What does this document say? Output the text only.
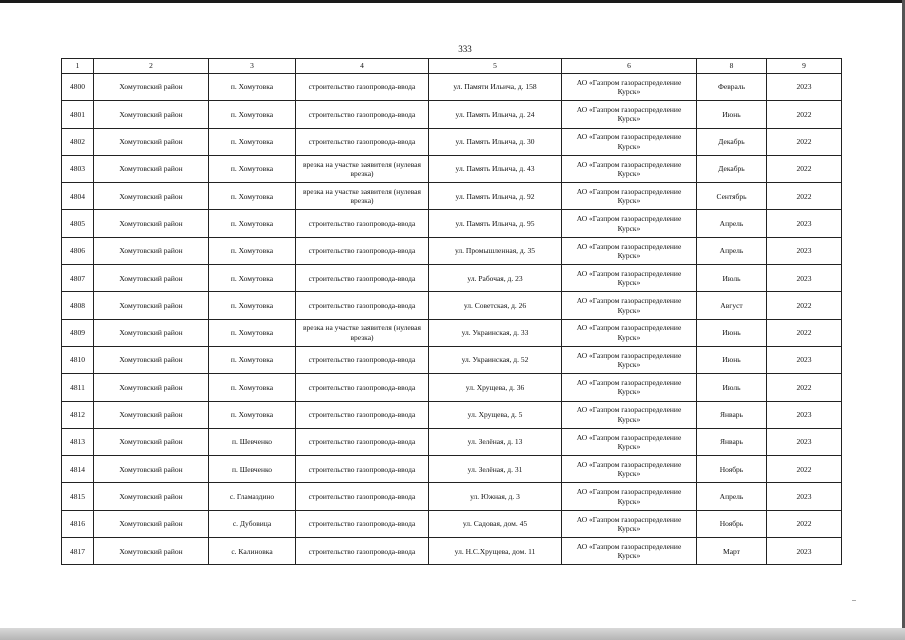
333
1	2	3	4	5	6	8	9
4800	Хомутовский район	п. Хомутовка	строительство газопровода-ввода	ул. Памяти Ильича, д. 158	АО «Газпром газораспределение Курск»	Февраль	2023
4801	Хомутовский район	п. Хомутовка	строительство газопровода-ввода	ул. Память Ильича, д. 24	АО «Газпром газораспределение Курск»	Июнь	2022
4802	Хомутовский район	п. Хомутовка	строительство газопровода-ввода	ул. Память Ильича, д. 30	АО «Газпром газораспределение Курск»	Декабрь	2022
4803	Хомутовский район	п. Хомутовка	врезка на участке заявителя (нулевая врезка)	ул. Память Ильича, д. 43	АО «Газпром газораспределение Курск»	Декабрь	2022
4804	Хомутовский район	п. Хомутовка	врезка на участке заявителя (нулевая врезка)	ул. Память Ильича, д. 92	АО «Газпром газораспределение Курск»	Сентябрь	2022
4805	Хомутовский район	п. Хомутовка	строительство газопровода-ввода	ул. Память Ильича, д. 95	АО «Газпром газораспределение Курск»	Апрель	2023
4806	Хомутовский район	п. Хомутовка	строительство газопровода-ввода	ул. Промышленная, д. 35	АО «Газпром газораспределение Курск»	Апрель	2023
4807	Хомутовский район	п. Хомутовка	строительство газопровода-ввода	ул. Рабочая, д. 23	АО «Газпром газораспределение Курск»	Июль	2023
4808	Хомутовский район	п. Хомутовка	строительство газопровода-ввода	ул. Советская, д. 26	АО «Газпром газораспределение Курск»	Август	2022
4809	Хомутовский район	п. Хомутовка	врезка на участке заявителя (нулевая врезка)	ул. Украинская, д. 33	АО «Газпром газораспределение Курск»	Июнь	2022
4810	Хомутовский район	п. Хомутовка	строительство газопровода-ввода	ул. Украинская, д. 52	АО «Газпром газораспределение Курск»	Июнь	2023
4811	Хомутовский район	п. Хомутовка	строительство газопровода-ввода	ул. Хрущева, д. 36	АО «Газпром газораспределение Курск»	Июль	2022
4812	Хомутовский район	п. Хомутовка	строительство газопровода-ввода	ул. Хрущева, д. 5	АО «Газпром газораспределение Курск»	Январь	2023
4813	Хомутовский район	п. Шевченко	строительство газопровода-ввода	ул. Зелёная, д. 13	АО «Газпром газораспределение Курск»	Январь	2023
4814	Хомутовский район	п. Шевченко	строительство газопровода-ввода	ул. Зелёная, д. 31	АО «Газпром газораспределение Курск»	Ноябрь	2022
4815	Хомутовский район	с. Гламаздино	строительство газопровода-ввода	ул. Южная, д. 3	АО «Газпром газораспределение Курск»	Апрель	2023
4816	Хомутовский район	с. Дубовица	строительство газопровода-ввода	ул. Садовая, дом. 45	АО «Газпром газораспределение Курск»	Ноябрь	2022
4817	Хомутовский район	с. Калиновка	строительство газопровода-ввода	ул. Н.С.Хрущева, дом. 11	АО «Газпром газораспределение Курск»	Март	2023
